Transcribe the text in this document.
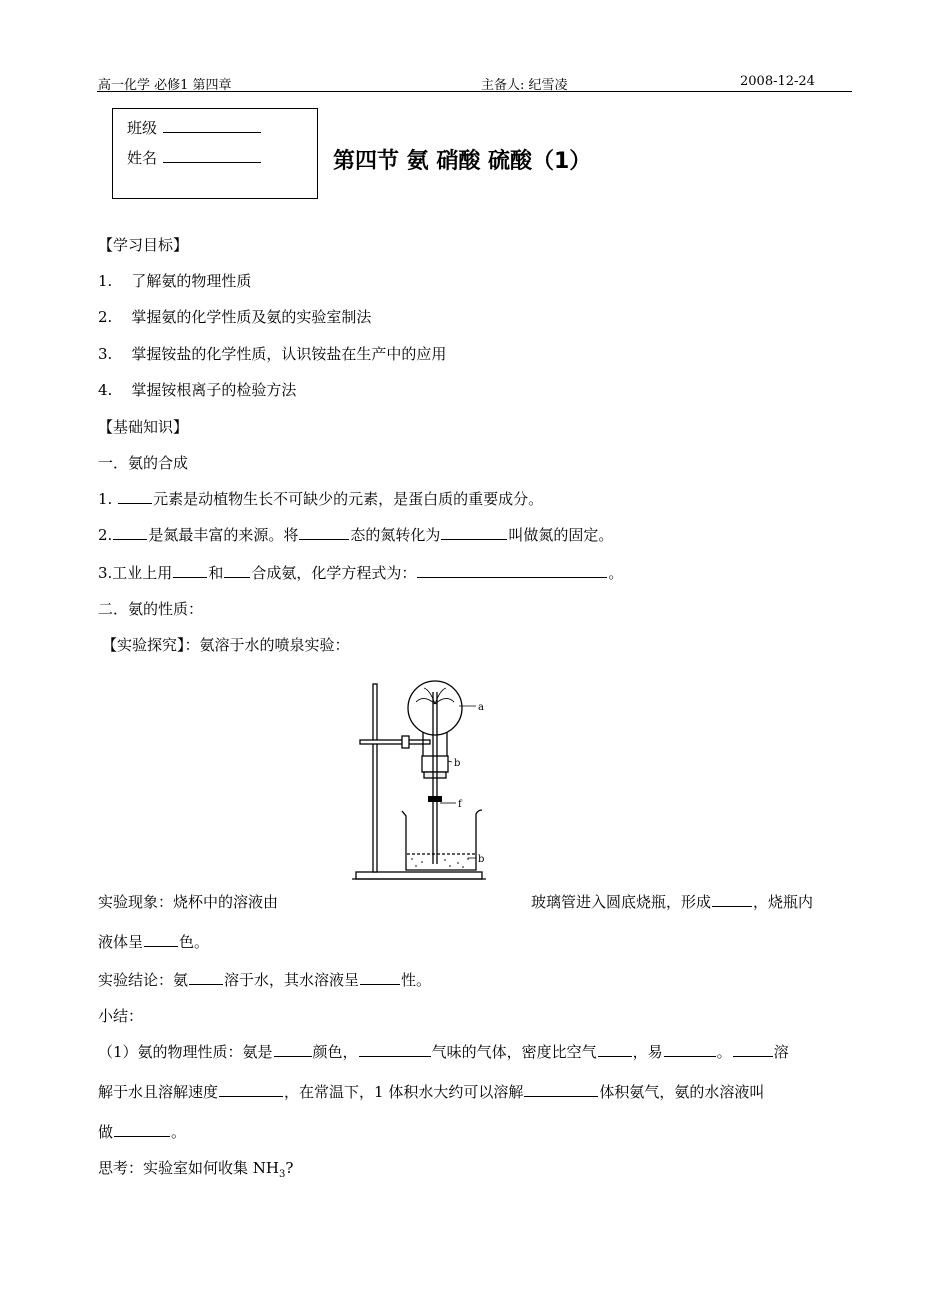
高一化学 必修1 第四章	主备人: 纪雪凌	2008-12-24
班级
姓名	第四节 氨 硝酸 硫酸（1）
【学习目标】
1. 了解氨的物理性质
2. 掌握氨的化学性质及氨的实验室制法
3. 掌握铵盐的化学性质，认识铵盐在生产中的应用
4. 掌握铵根离子的检验方法
【基础知识】
一．氨的合成
1. 元素是动植物生长不可缺少的元素，是蛋白质的重要成分。
2. 是氮最丰富的来源。将	态的氮转化为	叫做氮的固定。
3.工业上用 和 合成氨，化学方程式为：	。
二．氨的性质：
【实验探究】：氨溶于水的喷泉实验：
a
b
f
b
实验现象：烧杯中的溶液由	玻璃管进入圆底烧瓶，形成	，烧瓶内
液体呈 色。
实验结论：氨 溶于水，其水溶液呈	性。
小结：
（1）氨的物理性质：氨是	颜色，	气味的气体，密度比空气 ，易	。	溶
解于水且溶解速度	，在常温下，1 体积水大约可以溶解	体积氨气，氨的水溶液叫
做	。
思考：实验室如何收集 $NH_3$?
